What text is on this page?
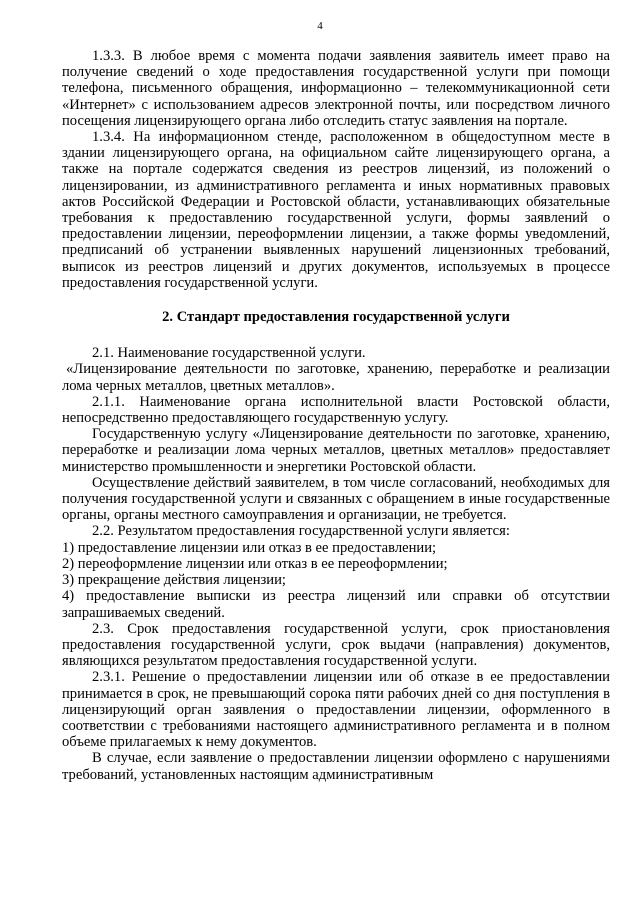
4

1.3.3. В любое время с момента подачи заявления заявитель имеет право на получение сведений о ходе предоставления государственной услуги при помощи телефона, письменного обращения, информационно – телекоммуникационной сети «Интернет» с использованием адресов электронной почты, или посредством личного посещения лицензирующего органа либо отследить статус заявления на портале.

1.3.4. На информационном стенде, расположенном в общедоступном месте в здании лицензирующего органа, на официальном сайте лицензирующего органа, а также на портале содержатся сведения из реестров лицензий, из положений о лицензировании, из административного регламента и иных нормативных правовых актов Российской Федерации и Ростовской области, устанавливающих обязательные требования к предоставлению государственной услуги, формы заявлений о предоставлении лицензии, переоформлении лицензии, а также формы уведомлений, предписаний об устранении выявленных нарушений лицензионных требований, выписок из реестров лицензий и других документов, используемых в процессе предоставления государственной услуги.

2. Стандарт предоставления государственной услуги

2.1. Наименование государственной услуги.

«Лицензирование деятельности по заготовке, хранению, переработке и реализации лома черных металлов, цветных металлов».

2.1.1. Наименование органа исполнительной власти Ростовской области, непосредственно предоставляющего государственную услугу.

Государственную услугу «Лицензирование деятельности по заготовке, хранению, переработке и реализации лома черных металлов, цветных металлов» предоставляет министерство промышленности и энергетики Ростовской области.

Осуществление действий заявителем, в том числе согласований, необходимых для получения государственной услуги и связанных с обращением в иные государственные органы, органы местного самоуправления и организации, не требуется.

2.2. Результатом предоставления государственной услуги является:

1) предоставление лицензии или отказ в ее предоставлении;

2) переоформление лицензии или отказ в ее переоформлении;

3) прекращение действия лицензии;

4) предоставление выписки из реестра лицензий или справки об отсутствии запрашиваемых сведений.

2.3. Срок предоставления государственной услуги, срок приостановления предоставления государственной услуги, срок выдачи (направления) документов, являющихся результатом предоставления государственной услуги.

2.3.1. Решение о предоставлении лицензии или об отказе в ее предоставлении принимается в срок, не превышающий сорока пяти рабочих дней со дня поступления в лицензирующий орган заявления о предоставлении лицензии, оформленного в соответствии с требованиями настоящего административного регламента и в полном объеме прилагаемых к нему документов.

В случае, если заявление о предоставлении лицензии оформлено с нарушениями требований, установленных настоящим административным
